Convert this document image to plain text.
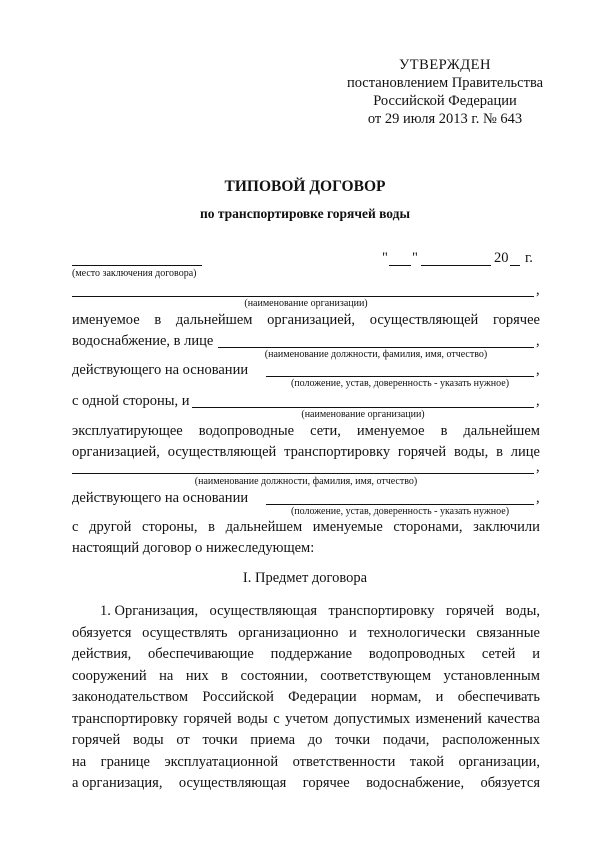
УТВЕРЖДЕН
постановлением Правительства
Российской Федерации
от 29 июля 2013 г. № 643
ТИПОВОЙ ДОГОВОР
по транспортировке горячей воды
(место заключения договора)
" "	20 г.
,
(наименование организации)
именуемое в дальнейшем организацией, осуществляющей горячее
водоснабжение, в лице	,
(наименование должности, фамилия, имя, отчество)
действующего на основании	,
(положение, устав, доверенность - указать нужное)
с одной стороны, и	,
(наименование организации)
эксплуатирующее водопроводные сети, именуемое в дальнейшем
организацией, осуществляющей транспортировку горячей воды, в лице
,
(наименование должности, фамилия, имя, отчество)
действующего на основании	,
(положение, устав, доверенность - указать нужное)
с другой стороны, в дальнейшем именуемые сторонами, заключили
настоящий договор о нижеследующем:
I. Предмет договора
1. Организация, осуществляющая транспортировку горячей воды,
обязуется осуществлять организационно и технологически связанные
действия, обеспечивающие поддержание водопроводных сетей и
сооружений на них в состоянии, соответствующем установленным
законодательством Российской Федерации нормам, и обеспечивать
транспортировку горячей воды с учетом допустимых изменений качества
горячей воды от точки приема до точки подачи, расположенных
на границе эксплуатационной ответственности такой организации,
а организация, осуществляющая горячее водоснабжение, обязуется
